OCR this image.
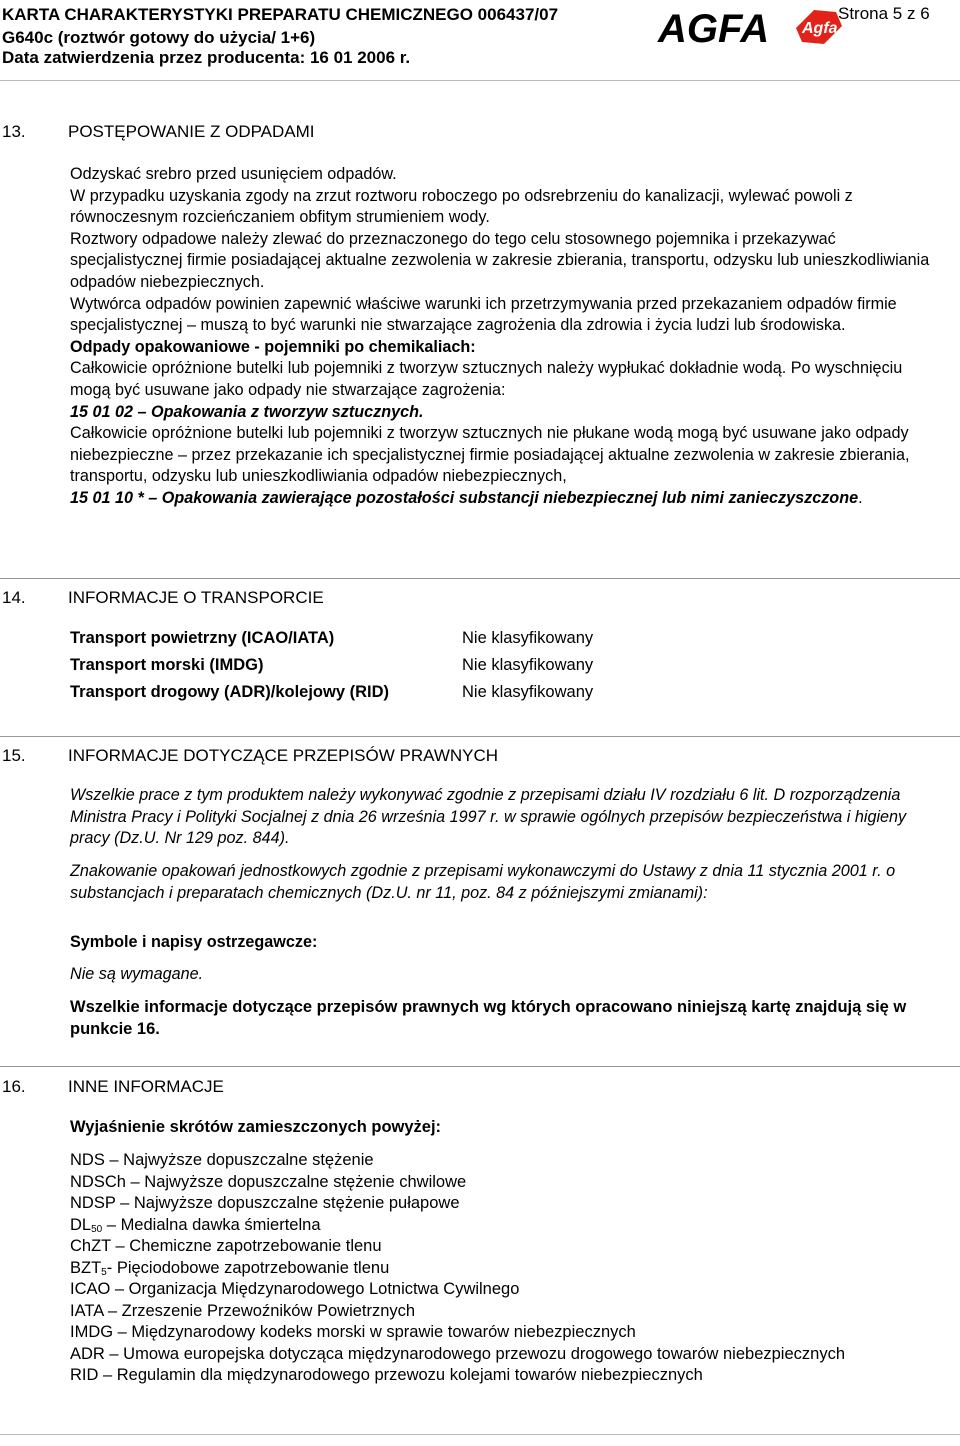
KARTA CHARAKTERYSTYKI PREPARATU CHEMICZNEGO 006437/07
G640c (roztwór gotowy do użycia/ 1+6)
Data zatwierdzenia przez producenta: 16 01 2006 r.
AGFA Agfa
Strona 5 z 6
13. POSTĘPOWANIE Z ODPADAMI

Odzyskać srebro przed usunięciem odpadów.

W przypadku uzyskania zgody na zrzut roztworu roboczego po odsrebrzeniu do kanalizacji, wylewać powoli z równoczesnym rozcieńczaniem obfitym strumieniem wody.

Roztwory odpadowe należy zlewać do przeznaczonego do tego celu stosownego pojemnika i przekazywać specjalistycznej firmie posiadającej aktualne zezwolenia w zakresie zbierania, transportu, odzysku lub unieszkodliwiania odpadów niebezpiecznych.

Wytwórca odpadów powinien zapewnić właściwe warunki ich przetrzymywania przed przekazaniem odpadów firmie specjalistycznej – muszą to być warunki nie stwarzające zagrożenia dla zdrowia i życia ludzi lub środowiska.

Odpady opakowaniowe - pojemniki po chemikaliach:

Całkowicie opróżnione butelki lub pojemniki z tworzyw sztucznych należy wypłukać dokładnie wodą. Po wyschnięciu mogą być usuwane jako odpady nie stwarzające zagrożenia:

15 01 02 – Opakowania z tworzyw sztucznych.

Całkowicie opróżnione butelki lub pojemniki z tworzyw sztucznych nie płukane wodą mogą być usuwane jako odpady niebezpieczne – przez przekazanie ich specjalistycznej firmie posiadającej aktualne zezwolenia w zakresie zbierania, transportu, odzysku lub unieszkodliwiania odpadów niebezpiecznych,

15 01 10 * – Opakowania zawierające pozostałości substancji niebezpiecznej lub nimi zanieczyszczone.

14. INFORMACJE O TRANSPORCIE
Transport powietrzny (ICAO/IATA)	Nie klasyfikowany
Transport morski (IMDG)	Nie klasyfikowany
Transport drogowy (ADR)/kolejowy (RID)	Nie klasyfikowany
15. INFORMACJE DOTYCZĄCE PRZEPISÓW PRAWNYCH
Wszelkie prace z tym produktem należy wykonywać zgodnie z przepisami działu IV rozdziału 6 lit. D rozporządzenia Ministra Pracy i Polityki Socjalnej z dnia 26 września 1997 r. w sprawie ogólnych przepisów bezpieczeństwa i higieny pracy (Dz.U. Nr 129 poz. 844).
Znakowanie opakowań jednostkowych zgodnie z przepisami wykonawczymi do Ustawy z dnia 11 stycznia 2001 r. o substancjach i preparatach chemicznych (Dz.U. nr 11, poz. 84 z późniejszymi zmianami):
Symbole i napisy ostrzegawcze:
Nie są wymagane.
Wszelkie informacje dotyczące przepisów prawnych wg których opracowano niniejszą kartę znajdują się w punkcie 16.
16. INNE INFORMACJE
Wyjaśnienie skrótów zamieszczonych powyżej:
NDS – Najwyższe dopuszczalne stężenie
NDSCh – Najwyższe dopuszczalne stężenie chwilowe
NDSP – Najwyższe dopuszczalne stężenie pułapowe
$DL_{50}$ – Medialna dawka śmiertelna
ChZT – Chemiczne zapotrzebowanie tlenu
$BZT_5-$ Pięciodobowe zapotrzebowanie tlenu
ICAO – Organizacja Międzynarodowego Lotnictwa Cywilnego
IATA – Zrzeszenie Przewoźników Powietrznych
IMDG – Międzynarodowy kodeks morski w sprawie towarów niebezpiecznych
ADR – Umowa europejska dotycząca międzynarodowego przewozu drogowego towarów niebezpiecznych
RID – Regulamin dla międzynarodowego przewozu kolejami towarów niebezpiecznych
